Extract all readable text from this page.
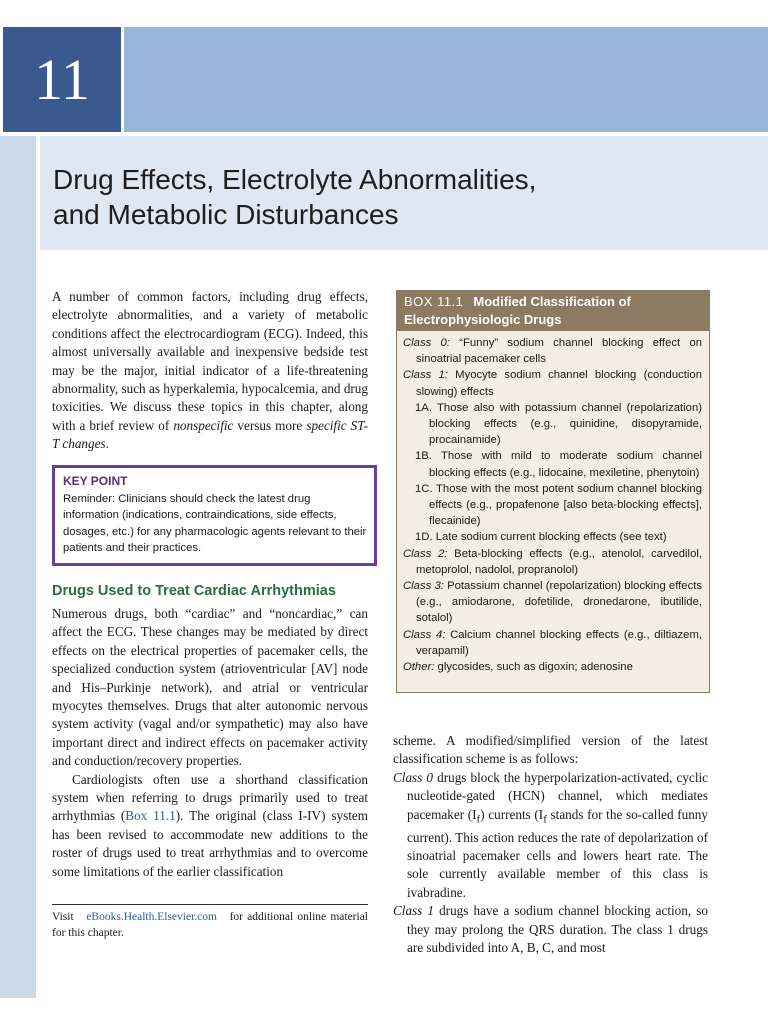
11
Drug Effects, Electrolyte Abnormalities,
and Metabolic Disturbances

A number of common factors, including drug effects, electrolyte abnormalities, and a variety of metabolic conditions affect the electrocardiogram (ECG). Indeed, this almost universally available and inexpensive bedside test may be the major, initial indicator of a life-threatening abnormality, such as hyperkalemia, hypocalcemia, and drug toxicities. We discuss these topics in this chapter, along with a brief review of nonspecific versus more specific ST-T changes.

KEY POINT
Reminder: Clinicians should check the latest drug information (indications, contraindications, side effects, dosages, etc.) for any pharmacologic agents relevant to their patients and their practices.
Drugs Used to Treat Cardiac Arrhythmias

Numerous drugs, both “cardiac” and “noncardiac,” can affect the ECG. These changes may be mediated by direct effects on the electrical properties of pacemaker cells, the specialized conduction system (atrioventricular [AV] node and His–Purkinje network), and atrial or ventricular myocytes themselves. Drugs that alter autonomic nervous system activity (vagal and/or sympathetic) may also have important direct and indirect effects on pacemaker activity and conduction/recovery properties.

Cardiologists often use a shorthand classification system when referring to drugs primarily used to treat arrhythmias (Box 11.1). The original (class I-IV) system has been revised to accommodate new additions to the roster of drugs used to treat arrhythmias and to overcome some limitations of the earlier classification

Visit eBooks.Health.Elsevier.com for additional online material for this chapter.
BOX 11.1 Modified Classification of Electrophysiologic Drugs
Class 0: “Funny” sodium channel blocking effect on sinoatrial pacemaker cells
Class 1: Myocyte sodium channel blocking (conduction slowing) effects
1A. Those also with potassium channel (repolarization) blocking effects (e.g., quinidine, disopyramide, procainamide)
1B. Those with mild to moderate sodium channel blocking effects (e.g., lidocaine, mexiletine, phenytoin)
1C. Those with the most potent sodium channel blocking effects (e.g., propafenone [also beta-blocking effects], flecainide)
1D. Late sodium current blocking effects (see text)
Class 2: Beta-blocking effects (e.g., atenolol, carvedilol, metoprolol, nadolol, propranolol)
Class 3: Potassium channel (repolarization) blocking effects (e.g., amiodarone, dofetilide, dronedarone, ibutilide, sotalol)
Class 4: Calcium channel blocking effects (e.g., diltiazem, verapamil)
Other: glycosides, such as digoxin; adenosine

scheme. A modified/simplified version of the latest classification scheme is as follows:

Class 0 drugs block the hyperpolarization-activated, cyclic nucleotide-gated (HCN) channel, which mediates pacemaker $(I_f)$ currents ($I_f$ stands for the so-called funny current). This action reduces the rate of depolarization of sinoatrial pacemaker cells and lowers heart rate. The sole currently available member of this class is ivabradine.

Class 1 drugs have a sodium channel blocking action, so they may prolong the QRS duration. The class 1 drugs are subdivided into A, B, C, and most
